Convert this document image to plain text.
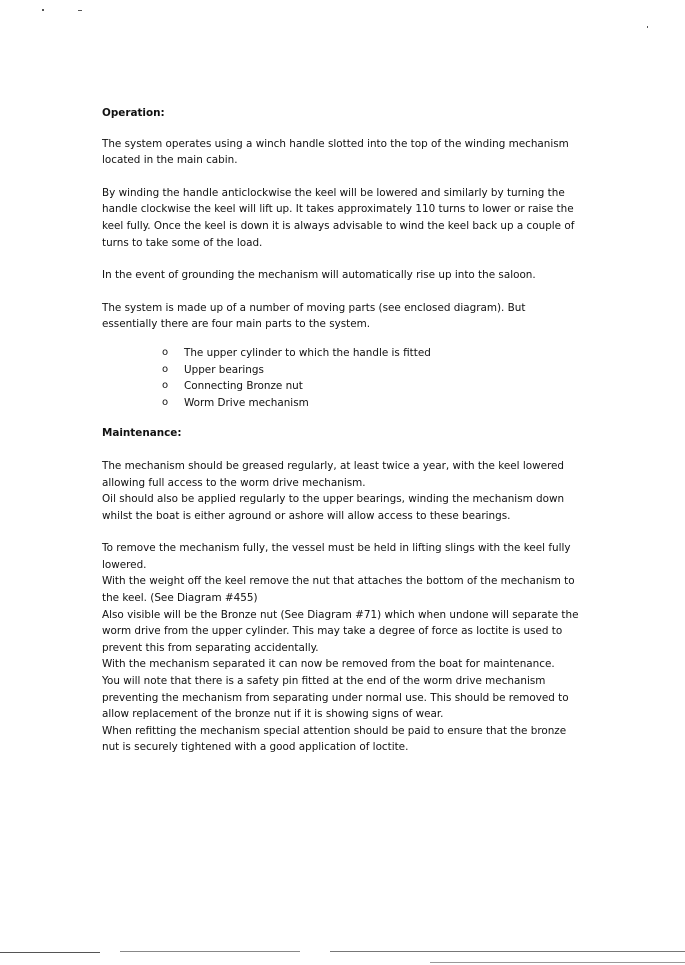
Operation:

The system operates using a winch handle slotted into the top of the winding mechanism located in the main cabin.

By winding the handle anticlockwise the keel will be lowered and similarly by turning the handle clockwise the keel will lift up. It takes approximately 110 turns to lower or raise the keel fully. Once the keel is down it is always advisable to wind the keel back up a couple of turns to take some of the load.

In the event of grounding the mechanism will automatically rise up into the saloon.

The system is made up of a number of moving parts (see enclosed diagram). But essentially there are four main parts to the system.

o The upper cylinder to which the handle is fitted
o Upper bearings
o Connecting Bronze nut
o Worm Drive mechanism
Maintenance:

The mechanism should be greased regularly, at least twice a year, with the keel lowered allowing full access to the worm drive mechanism.

Oil should also be applied regularly to the upper bearings, winding the mechanism down whilst the boat is either aground or ashore will allow access to these bearings.

To remove the mechanism fully, the vessel must be held in lifting slings with the keel fully lowered.

With the weight off the keel remove the nut that attaches the bottom of the mechanism to the keel. (See Diagram #455)

Also visible will be the Bronze nut (See Diagram #71) which when undone will separate the worm drive from the upper cylinder. This may take a degree of force as loctite is used to prevent this from separating accidentally.

With the mechanism separated it can now be removed from the boat for maintenance.

You will note that there is a safety pin fitted at the end of the worm drive mechanism preventing the mechanism from separating under normal use. This should be removed to allow replacement of the bronze nut if it is showing signs of wear.

When refitting the mechanism special attention should be paid to ensure that the bronze nut is securely tightened with a good application of loctite.
